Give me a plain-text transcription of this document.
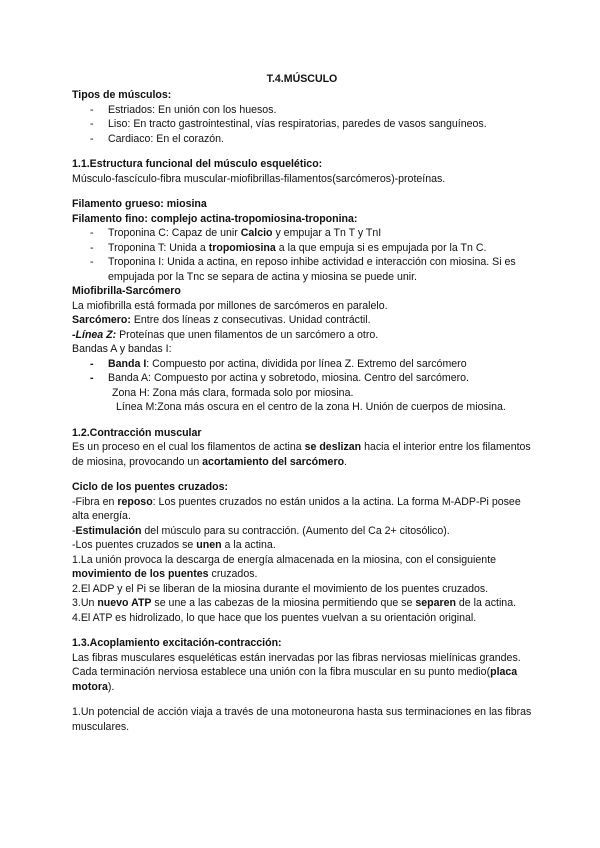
T.4.MÚSCULO

Tipos de músculos:

- Estriados: En unión con los huesos.
- Liso: En tracto gastrointestinal, vías respiratorias, paredes de vasos sanguíneos.
- Cardiaco: En el corazón.

1.1.Estructura funcional del músculo esquelético:

Músculo-fascículo-fibra muscular-miofibrillas-filamentos(sarcómeros)-proteínas.

Filamento grueso: miosina

Filamento fino: complejo actina-tropomiosina-troponina:

- Troponina C: Capaz de unir Calcio y empujar a Tn T y TnI
- Troponina T: Unida a tropomiosina a la que empuja si es empujada por la Tn C.
- Troponina I: Unida a actina, en reposo inhibe actividad e interacción con miosina. Si es empujada por la Tnc se separa de actina y miosina se puede unir.

Miofibrilla-Sarcómero

La miofibrilla está formada por millones de sarcómeros en paralelo.

Sarcómero: Entre dos líneas z consecutivas. Unidad contráctil.

-Línea Z: Proteínas que unen filamentos de un sarcómero a otro.

Bandas A y bandas I:

- Banda I: Compuesto por actina, dividida por línea Z. Extremo del sarcómero
- Banda A: Compuesto por actina y sobretodo, miosina. Centro del sarcómero.

Zona H: Zona más clara, formada solo por miosina.

Línea M:Zona más oscura en el centro de la zona H. Unión de cuerpos de miosina.

1.2.Contracción muscular

Es un proceso en el cual los filamentos de actina se deslizan hacia el interior entre los filamentos de miosina, provocando un acortamiento del sarcómero.

Ciclo de los puentes cruzados:

-Fibra en reposo: Los puentes cruzados no están unidos a la actina. La forma M-ADP-Pi posee alta energía.

-Estimulación del músculo para su contracción. (Aumento del Ca 2+ citosólico).

-Los puentes cruzados se unen a la actina.

1.La unión provoca la descarga de energía almacenada en la miosina, con el consiguiente movimiento de los puentes cruzados.

2.El ADP y el Pi se liberan de la miosina durante el movimiento de los puentes cruzados.

3.Un nuevo ATP se une a las cabezas de la miosina permitiendo que se separen de la actina.

4.El ATP es hidrolizado, lo que hace que los puentes vuelvan a su orientación original.

1.3.Acoplamiento excitación-contracción:

Las fibras musculares esqueléticas están inervadas por las fibras nerviosas mielínicas grandes. Cada terminación nerviosa establece una unión con la fibra muscular en su punto medio(placa motora).

1.Un potencial de acción viaja a través de una motoneurona hasta sus terminaciones en las fibras musculares.
